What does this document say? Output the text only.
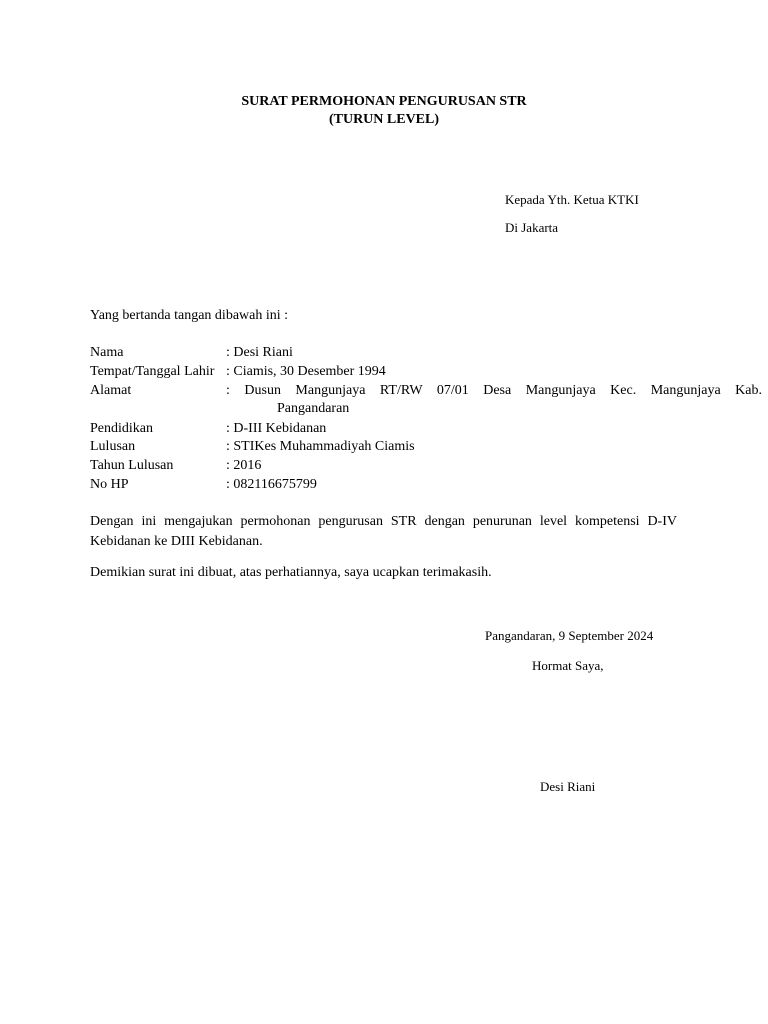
SURAT PERMOHONAN PENGURUSAN STR
(TURUN LEVEL)
Kepada Yth. Ketua KTKI
Di Jakarta
Yang bertanda tangan dibawah ini :
Nama	: Desi Riani
Tempat/Tanggal Lahir : Ciamis, 30 Desember 1994
Alamat	: Dusun Mangunjaya RT/RW 07/01 Desa Mangunjaya Kec. Mangunjaya Kab.
Pangandaran
Pendidikan	: D-III Kebidanan
Lulusan	: STIKes Muhammadiyah Ciamis
Tahun Lulusan	: 2016
No HP	: 082116675799
Dengan ini mengajukan permohonan pengurusan STR dengan penurunan level kompetensi D-IV
Kebidanan ke DIII Kebidanan.
Demikian surat ini dibuat, atas perhatiannya, saya ucapkan terimakasih.
Pangandaran, 9 September 2024
Hormat Saya,
Desi Riani
